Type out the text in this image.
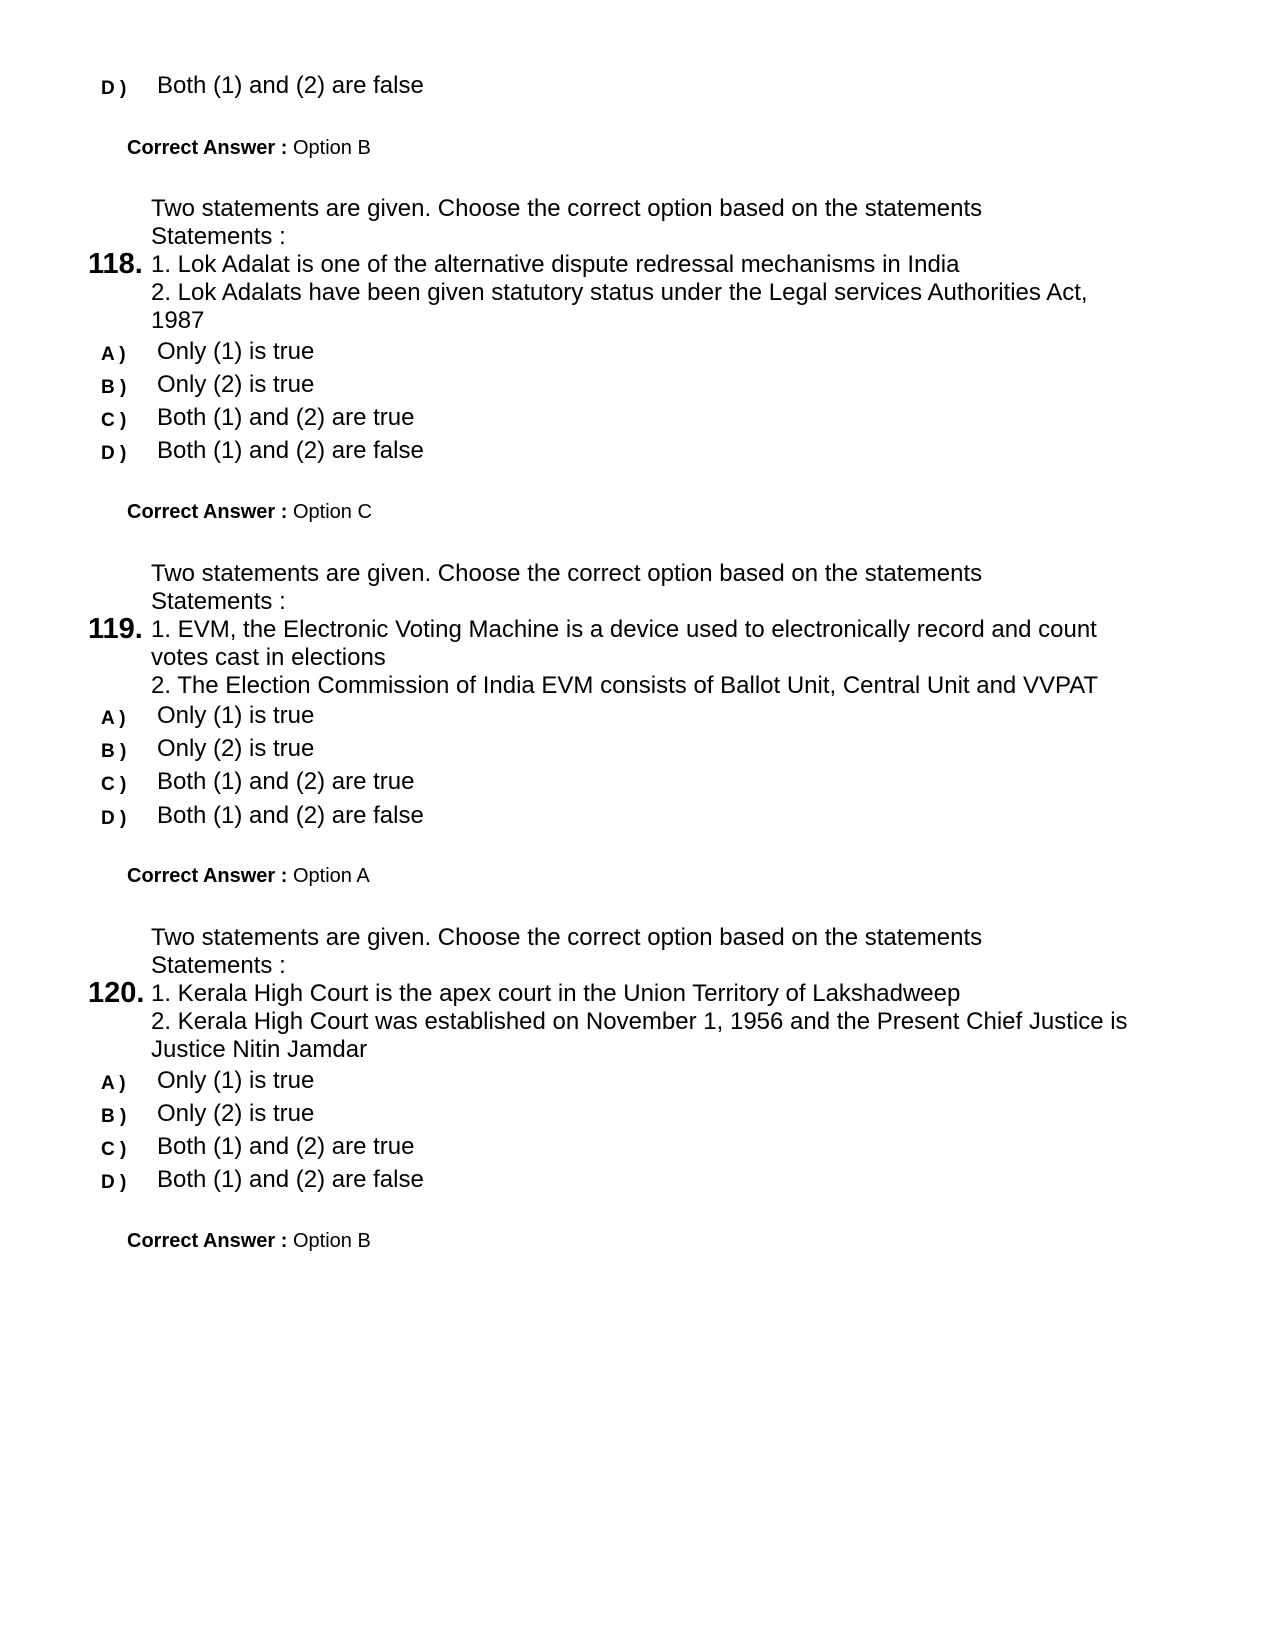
D ) Both (1) and (2) are false
Correct Answer : Option B
Two statements are given. Choose the correct option based on the statements
Statements :
1. Lok Adalat is one of the alternative dispute redressal mechanisms in India
2. Lok Adalats have been given statutory status under the Legal services Authorities Act,
1987
118.
A ) Only (1) is true
B ) Only (2) is true
C ) Both (1) and (2) are true
D ) Both (1) and (2) are false
Correct Answer : Option C
Two statements are given. Choose the correct option based on the statements
Statements :
1. EVM, the Electronic Voting Machine is a device used to electronically record and count
votes cast in elections
2. The Election Commission of India EVM consists of Ballot Unit, Central Unit and VVPAT
119.
A ) Only (1) is true
B ) Only (2) is true
C ) Both (1) and (2) are true
D ) Both (1) and (2) are false
Correct Answer : Option A
Two statements are given. Choose the correct option based on the statements
Statements :
1. Kerala High Court is the apex court in the Union Territory of Lakshadweep
2. Kerala High Court was established on November 1, 1956 and the Present Chief Justice is
Justice Nitin Jamdar
120.
A ) Only (1) is true
B ) Only (2) is true
C ) Both (1) and (2) are true
D ) Both (1) and (2) are false
Correct Answer : Option B
